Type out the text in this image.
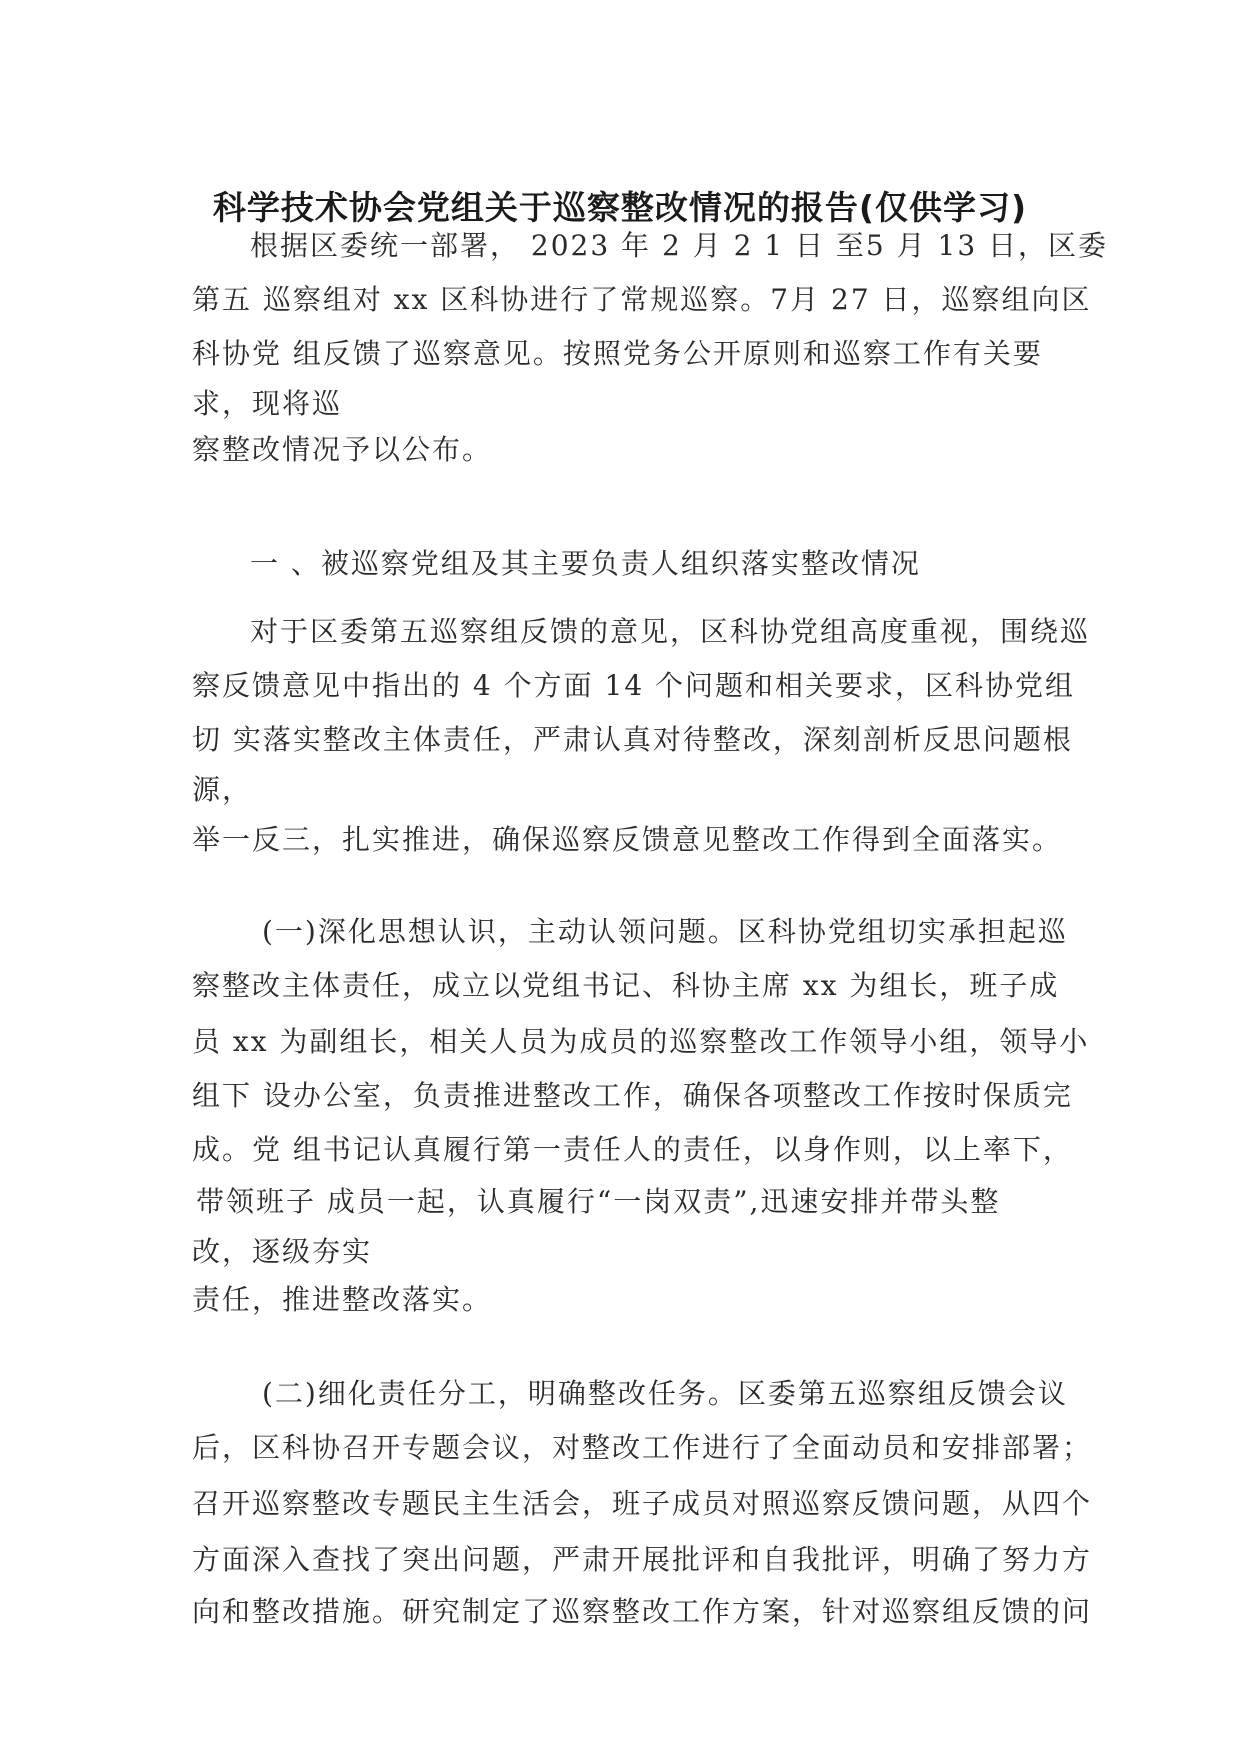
科学技术协会党组关于巡察整改情况的报告(仅供学习)
根据区委统一部署， 2023 年 2 月 2 1 日 至5 月 13 日，区委
第五 巡察组对 xx 区科协进行了常规巡察。7月 27 日，巡察组向区
科协党 组反馈了巡察意见。按照党务公开原则和巡察工作有关要
求，现将巡
察整改情况予以公布。
一 、被巡察党组及其主要负责人组织落实整改情况
对于区委第五巡察组反馈的意见，区科协党组高度重视，围绕巡
察反馈意见中指出的 4 个方面 14 个问题和相关要求，区科协党组
切 实落实整改主体责任，严肃认真对待整改，深刻剖析反思问题根
源，
举一反三，扎实推进，确保巡察反馈意见整改工作得到全面落实。
(一)深化思想认识，主动认领问题。区科协党组切实承担起巡
察整改主体责任，成立以党组书记、科协主席 xx 为组长，班子成
员 xx 为副组长，相关人员为成员的巡察整改工作领导小组，领导小
组下 设办公室，负责推进整改工作，确保各项整改工作按时保质完
成。党 组书记认真履行第一责任人的责任，以身作则，以上率下，
带领班子 成员一起，认真履行“一岗双责”,迅速安排并带头整
改，逐级夯实
责任，推进整改落实。
(二)细化责任分工，明确整改任务。区委第五巡察组反馈会议
后，区科协召开专题会议，对整改工作进行了全面动员和安排部署；
召开巡察整改专题民主生活会，班子成员对照巡察反馈问题，从四个
方面深入查找了突出问题，严肃开展批评和自我批评，明确了努力方
向和整改措施。研究制定了巡察整改工作方案，针对巡察组反馈的问
